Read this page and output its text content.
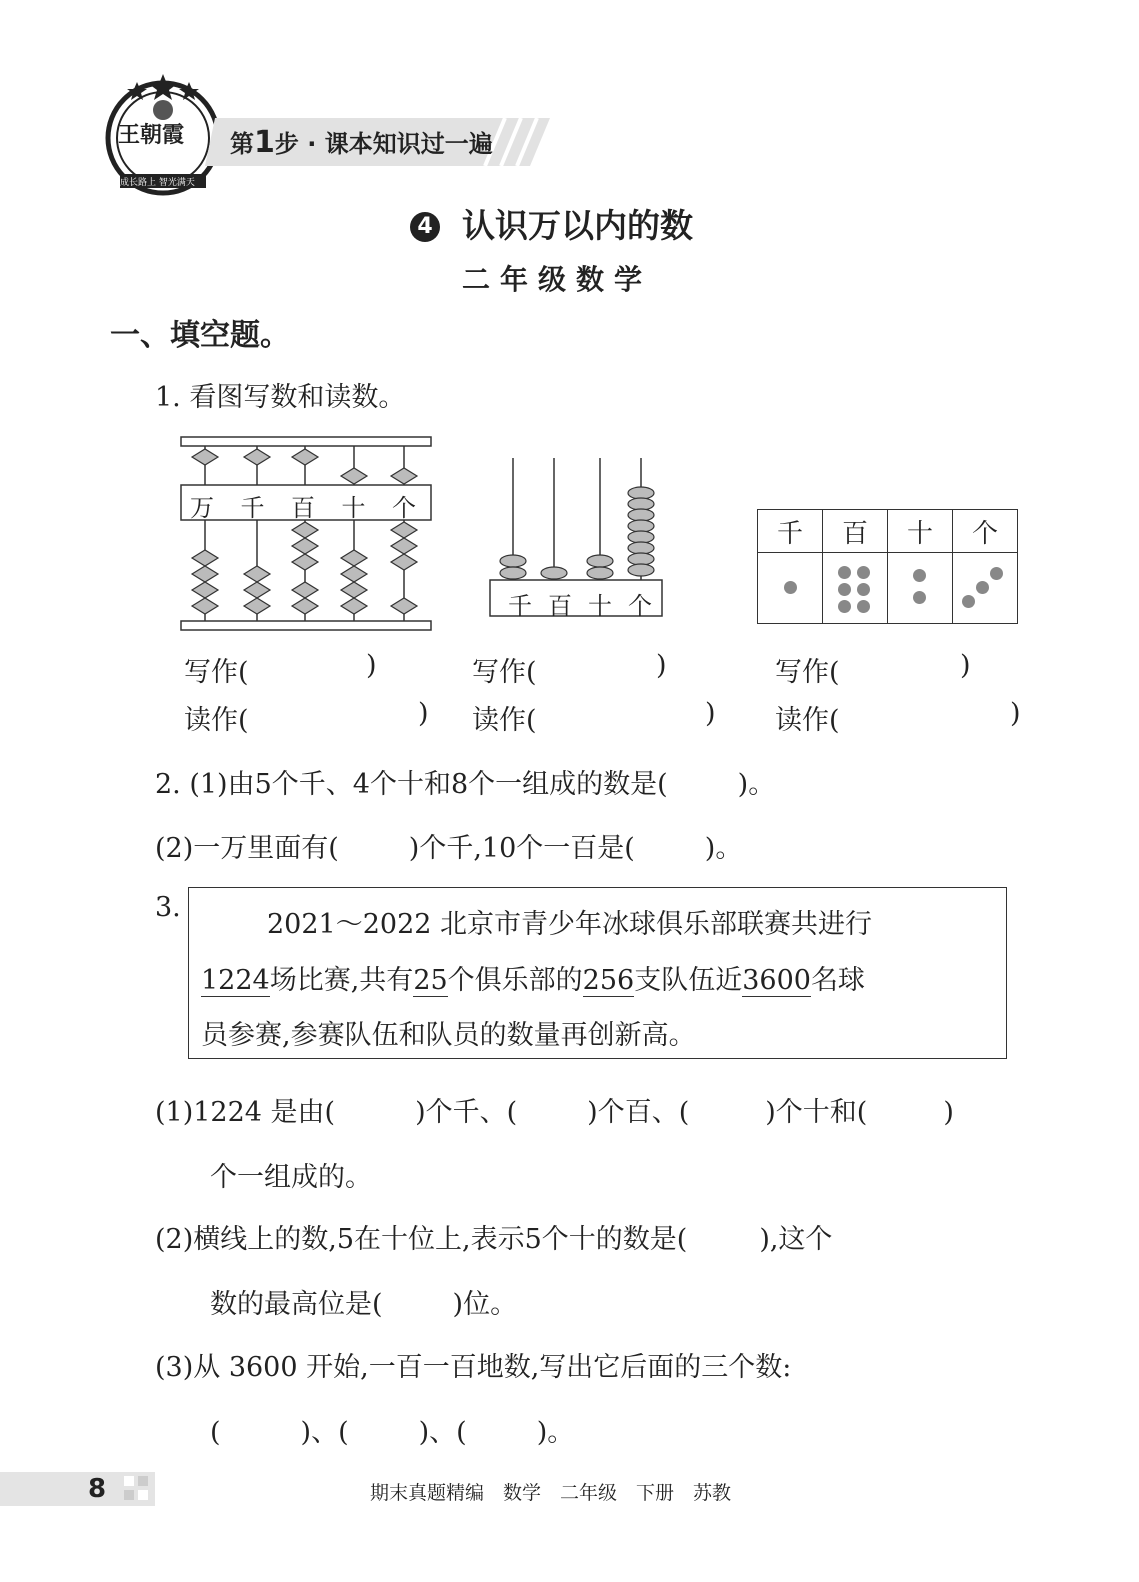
王朝霞
成长路上 智光满天
第1步 · 课本知识过一遍
4 认识万以内的数
二年级数学
一、填空题。
1. 看图写数和读数。
万 千 百 十 个
千 百 十 个
千	百	十	个

写作(	)
读作(	)
写作(	)
读作(	)
写作(	)
读作(	)
2. (1)由5个千、4个十和8个一组成的数是(	)。
(2)一万里面有(	)个千,10个一百是(	)。
3.
2021～2022 北京市青少年冰球俱乐部联赛共进行
1224场比赛,共有25个俱乐部的256支队伍近3600名球
员参赛,参赛队伍和队员的数量再创新高。
(1)1224 是由(	)个千、(	)个百、(	)个十和(	)
个一组成的。
(2)横线上的数,5在十位上,表示5个十的数是(	),这个
数的最高位是(	)位。
(3)从 3600 开始,一百一百地数,写出它后面的三个数:
(	)、(	)、(	)。
8	期末真题精编　数学　二年级　下册　苏教
